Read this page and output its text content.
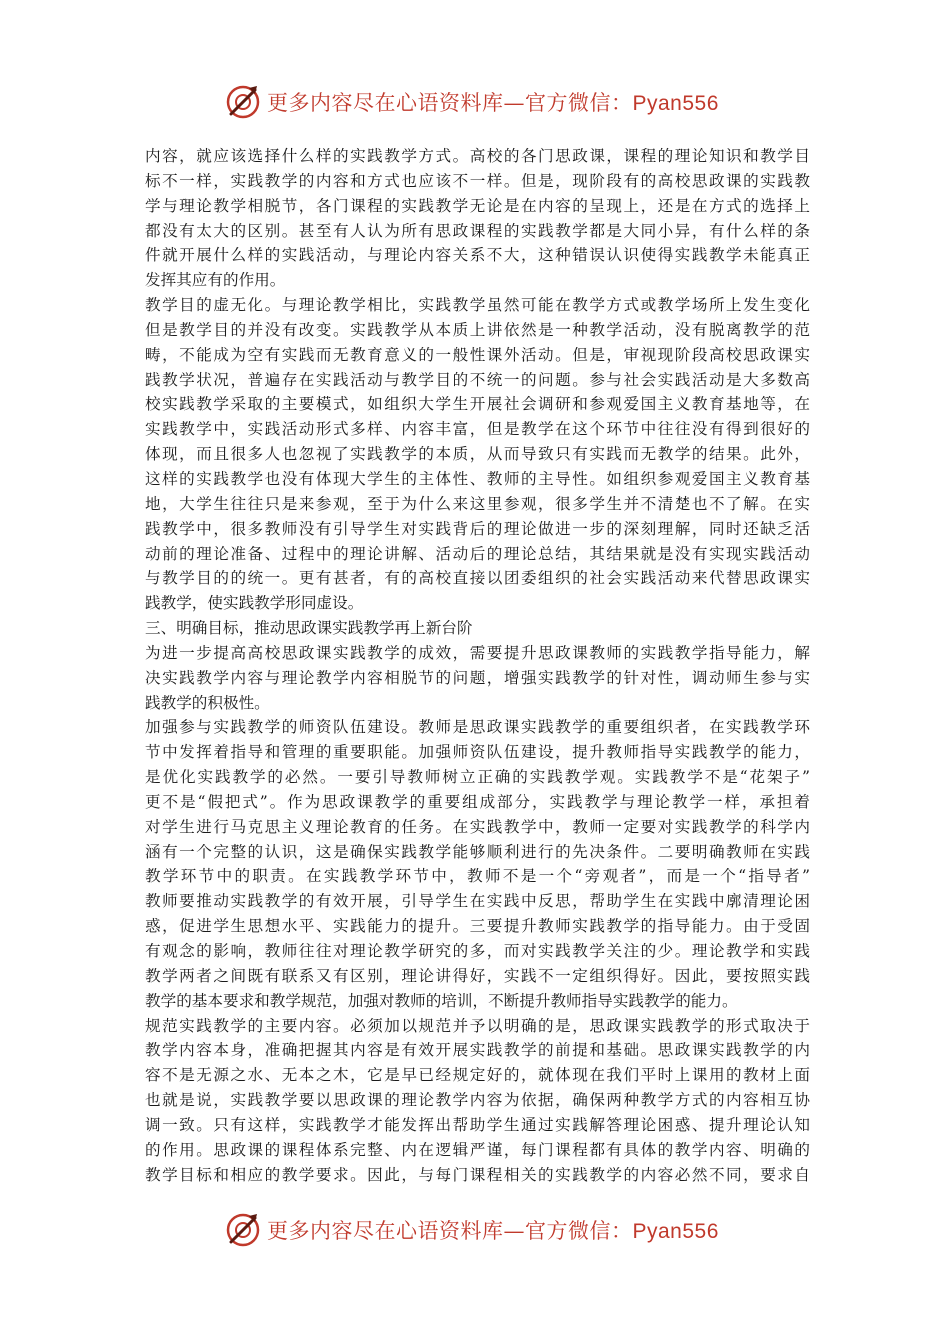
更多内容尽在心语资料库—官方微信：Pyan556
内容，就应该选择什么样的实践教学方式。高校的各门思政课，课程的理论知识和教学目
标不一样，实践教学的内容和方式也应该不一样。但是，现阶段有的高校思政课的实践教
学与理论教学相脱节，各门课程的实践教学无论是在内容的呈现上，还是在方式的选择上
都没有太大的区别。甚至有人认为所有思政课程的实践教学都是大同小异，有什么样的条
件就开展什么样的实践活动，与理论内容关系不大，这种错误认识使得实践教学未能真正
发挥其应有的作用。
教学目的虚无化。与理论教学相比，实践教学虽然可能在教学方式或教学场所上发生变化
但是教学目的并没有改变。实践教学从本质上讲依然是一种教学活动，没有脱离教学的范
畴，不能成为空有实践而无教育意义的一般性课外活动。但是，审视现阶段高校思政课实
践教学状况，普遍存在实践活动与教学目的不统一的问题。参与社会实践活动是大多数高
校实践教学采取的主要模式，如组织大学生开展社会调研和参观爱国主义教育基地等，在
实践教学中，实践活动形式多样、内容丰富，但是教学在这个环节中往往没有得到很好的
体现，而且很多人也忽视了实践教学的本质，从而导致只有实践而无教学的结果。此外，
这样的实践教学也没有体现大学生的主体性、教师的主导性。如组织参观爱国主义教育基
地，大学生往往只是来参观，至于为什么来这里参观，很多学生并不清楚也不了解。在实
践教学中，很多教师没有引导学生对实践背后的理论做进一步的深刻理解，同时还缺乏活
动前的理论准备、过程中的理论讲解、活动后的理论总结，其结果就是没有实现实践活动
与教学目的的统一。更有甚者，有的高校直接以团委组织的社会实践活动来代替思政课实
践教学，使实践教学形同虚设。
三、明确目标，推动思政课实践教学再上新台阶
为进一步提高高校思政课实践教学的成效，需要提升思政课教师的实践教学指导能力，解
决实践教学内容与理论教学内容相脱节的问题，增强实践教学的针对性，调动师生参与实
践教学的积极性。
加强参与实践教学的师资队伍建设。教师是思政课实践教学的重要组织者，在实践教学环
节中发挥着指导和管理的重要职能。加强师资队伍建设，提升教师指导实践教学的能力，
是优化实践教学的必然。一要引导教师树立正确的实践教学观。实践教学不是“花架子”
更不是“假把式”。作为思政课教学的重要组成部分，实践教学与理论教学一样，承担着
对学生进行马克思主义理论教育的任务。在实践教学中，教师一定要对实践教学的科学内
涵有一个完整的认识，这是确保实践教学能够顺利进行的先决条件。二要明确教师在实践
教学环节中的职责。在实践教学环节中，教师不是一个“旁观者”，而是一个“指导者”
教师要推动实践教学的有效开展，引导学生在实践中反思，帮助学生在实践中廓清理论困
惑，促进学生思想水平、实践能力的提升。三要提升教师实践教学的指导能力。由于受固
有观念的影响，教师往往对理论教学研究的多，而对实践教学关注的少。理论教学和实践
教学两者之间既有联系又有区别，理论讲得好，实践不一定组织得好。因此，要按照实践
教学的基本要求和教学规范，加强对教师的培训，不断提升教师指导实践教学的能力。
规范实践教学的主要内容。必须加以规范并予以明确的是，思政课实践教学的形式取决于
教学内容本身，准确把握其内容是有效开展实践教学的前提和基础。思政课实践教学的内
容不是无源之水、无本之木，它是早已经规定好的，就体现在我们平时上课用的教材上面
也就是说，实践教学要以思政课的理论教学内容为依据，确保两种教学方式的内容相互协
调一致。只有这样，实践教学才能发挥出帮助学生通过实践解答理论困惑、提升理论认知
的作用。思政课的课程体系完整、内在逻辑严谨，每门课程都有具体的教学内容、明确的
教学目标和相应的教学要求。因此，与每门课程相关的实践教学的内容必然不同，要求自
更多内容尽在心语资料库—官方微信：Pyan556
